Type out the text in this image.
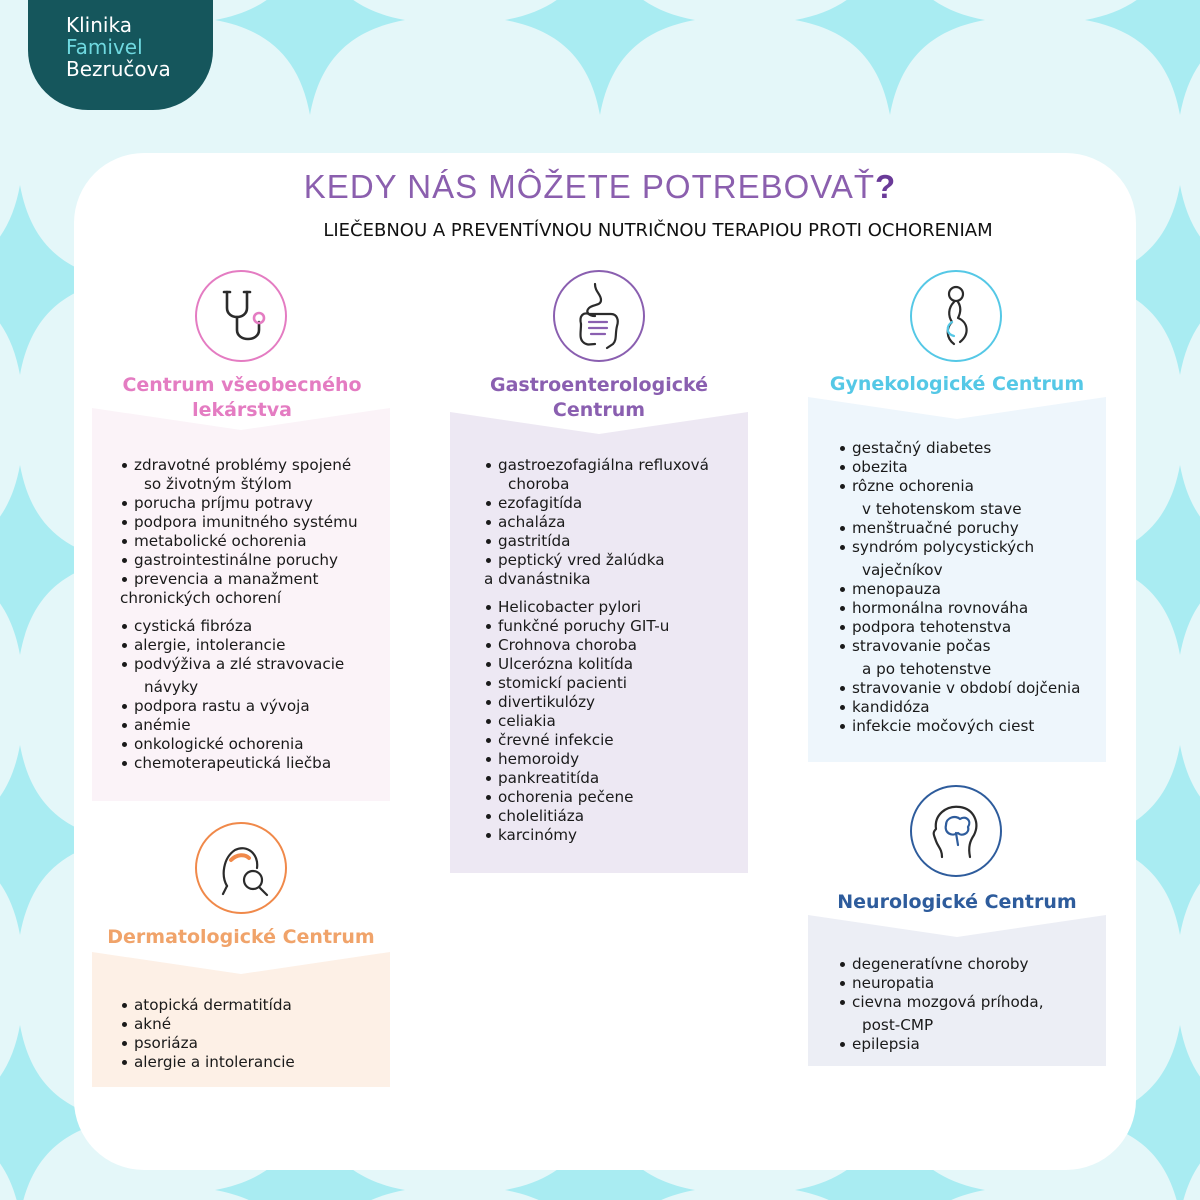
Klinika
Famivel
Bezručova
KEDY NÁS MÔŽETE POTREBOVAŤ?
LIEČEBNOU A PREVENTÍVNOU NUTRIČNOU TERAPIOU PROTI OCHORENIAM
Centrum všeobecného
lekárstva
zdravotné problémy spojené
so životným štýlom
porucha príjmu potravy
podpora imunitného systému
metabolické ochorenia
gastrointestinálne poruchy
prevencia a manažment
chronických ochorení
cystická fibróza
alergie, intolerancie
podvýživa a zlé stravovacie
návyky
podpora rastu a vývoja
anémie
onkologické ochorenia
chemoterapeutická liečba
Gastroenterologické
Centrum
gastroezofagiálna refluxová
choroba
ezofagitída
achaláza
gastritída
peptický vred žalúdka
a dvanástnika
Helicobacter pylori
funkčné poruchy GIT-u
Crohnova choroba
Ulcerózna kolitída
stomickí pacienti
divertikulózy
celiakia
črevné infekcie
hemoroidy
pankreatitída
ochorenia pečene
cholelitiáza
karcinómy
Gynekologické Centrum
gestačný diabetes
obezita
rôzne ochorenia
v tehotenskom stave
menštruačné poruchy
syndróm polycystických
vaječníkov
menopauza
hormonálna rovnováha
podpora tehotenstva
stravovanie počas
a po tehotenstve
stravovanie v období dojčenia
kandidóza
infekcie močových ciest
Dermatologické Centrum
atopická dermatitída
akné
psoriáza
alergie a intolerancie
Neurologické Centrum
degeneratívne choroby
neuropatia
cievna mozgová príhoda,
post-CMP
epilepsia
